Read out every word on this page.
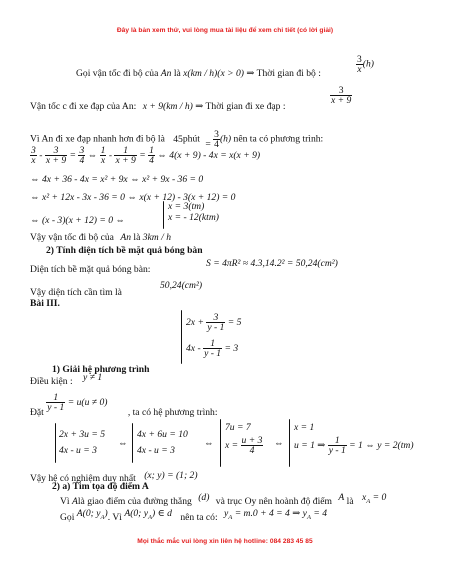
Đây là bản xem thử, vui lòng mua tài liệu để xem chi tiết (có lời giải)
Gọi vận tốc đi bộ của An là x(km / h)(x > 0) ⇒ Thời gian đi bộ :	$\frac{3}{x} (h)$
Vận tốc c đi xe đạp của An: x + 9(km / h) ⇒ Thời gian đi xe đạp :
$\frac{3}{x + 9}$
Vì An đi xe đạp nhanh hơn đi bộ là 45phút
=
$\frac{3}{4} (h)$ nên ta có phương trình:
$\frac{3}{x} - \frac{3}{x + 9} = \frac{3}{4}$ ⇔ $\frac{1}{x} - \frac{1}{x + 9} = \frac{1}{4}$ ⇔ 4(x + 9) - 4x = x(x + 9)
⇔ 4x + 36 - 4x = x² + 9x ⇔ x² + 9x - 36 = 0
⇔ x² + 12x - 3x - 36 = 0 ⇔ x(x + 12) - 3(x + 12) = 0
⇔ (x - 3)(x + 12) = 0 ⇔
x = 3(tm)
x = - 12(ktm)
Vậy vận tốc đi bộ của An là 3km / h
2) Tính diện tích bề mặt quả bóng bàn
Diện tích bề mặt quả bóng bàn:
S = 4πR² ≈ 4.3,14.2² = 50,24(cm²)
Vậy diện tích cần tìm là
50,24(cm²)
Bài III.
$2x + \frac{3}{y - 1} = 5$
$4x - \frac{1}{y - 1} = 3$
1) Giải hệ phương trình
Điều kiện : y ≠ 1
Đặt
$\frac{1}{y - 1} = u(u \ne 0)$ , ta có hệ phương trình:
2x + 3u = 5
4x - u = 3
⇔
4x + 6u = 10
4x - u = 3
⇔
7u = 7
$x = \frac{u + 3}{4}$ ⇔
x = 1
u = 1 ⇒ $\frac{1}{y - 1} = 1$ ⇔ y = 2(tm)
Vậy hệ có nghiệm duy nhất (x; y) = (1; 2)
2) a) Tìm tọa độ điểm A
Vì Alà giao điểm của đường thẳng (d) và trục Oy nên hoành độ điểm A là $x_A = 0$
Gọi A(0; $y_A$). Vì A(0; $y_A$) ∈ d nên ta có: $y_A = m.0 + 4 = 4$ ⇒ $y_A = 4$
Mọi thắc mắc vui lòng xin liên hệ hotline: 084 283 45 85
